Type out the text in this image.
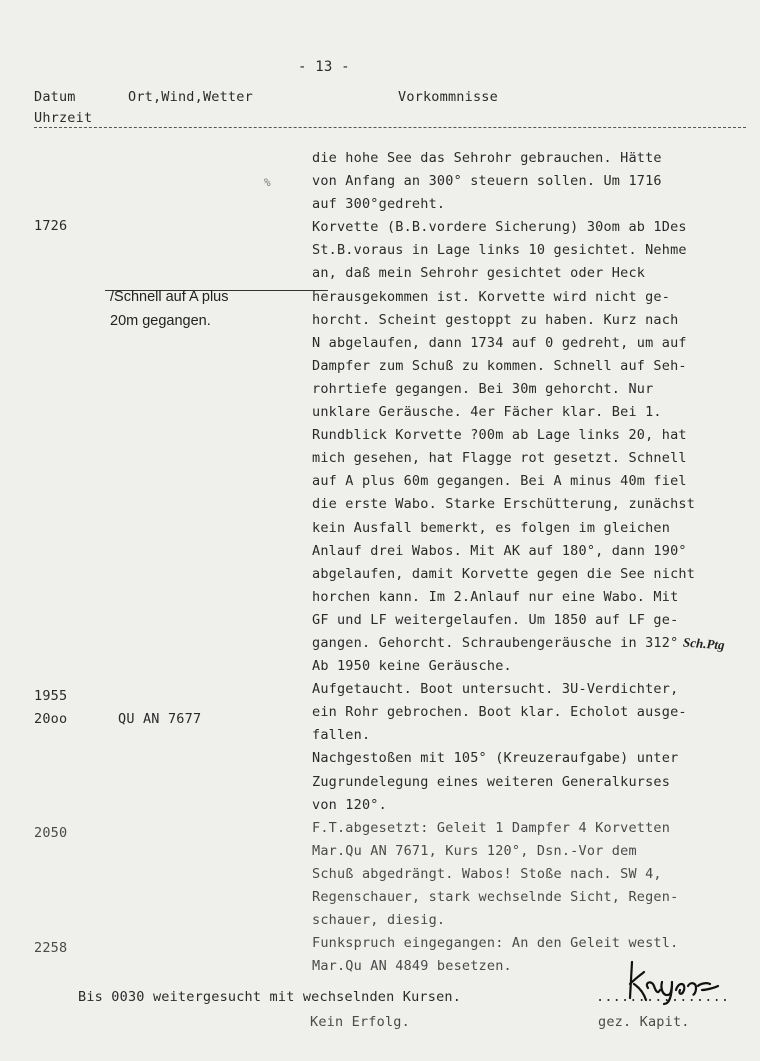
- 13 -
Datum
Uhrzeit
Ort,Wind,Wetter	Vorkommnisse
%
1726
1955
20oo
2050
2258
QU AN 7677
/Schnell auf A plus
20m gegangen.
die hohe See das Sehrohr gebrauchen. Hätte
von Anfang an 300° steuern sollen. Um 1716
auf 300°gedreht.
Korvette (B.B.vordere Sicherung) 30om ab 1Des
St.B.voraus in Lage links 10 gesichtet. Nehme
an, daß mein Sehrohr gesichtet oder Heck
herausgekommen ist. Korvette wird nicht ge-
horcht. Scheint gestoppt zu haben. Kurz nach
N abgelaufen, dann 1734 auf 0 gedreht, um auf
Dampfer zum Schuß zu kommen. Schnell auf Seh-
rohrtiefe gegangen. Bei 30m gehorcht. Nur
unklare Geräusche. 4er Fächer klar. Bei 1.
Rundblick Korvette ?00m ab Lage links 20, hat
mich gesehen, hat Flagge rot gesetzt. Schnell
auf A plus 60m gegangen. Bei A minus 40m fiel
die erste Wabo. Starke Erschütterung, zunächst
kein Ausfall bemerkt, es folgen im gleichen
Anlauf drei Wabos. Mit AK auf 180°, dann 190°
abgelaufen, damit Korvette gegen die See nicht
horchen kann. Im 2.Anlauf nur eine Wabo. Mit
GF und LF weitergelaufen. Um 1850 auf LF ge-
gangen. Gehorcht. Schraubengeräusche in 312°
Ab 1950 keine Geräusche.
Aufgetaucht. Boot untersucht. 3U-Verdichter,
ein Rohr gebrochen. Boot klar. Echolot ausge-
fallen.
Nachgestoßen mit 105° (Kreuzeraufgabe) unter
Zugrundelegung eines weiteren Generalkurses
von 120°.
F.T.abgesetzt: Geleit 1 Dampfer 4 Korvetten
Mar.Qu AN 7671, Kurs 120°, Dsn.-Vor dem
Schuß abgedrängt. Wabos! Stoße nach. SW 4,
Regenschauer, stark wechselnde Sicht, Regen-
schauer, diesig.
Funkspruch eingegangen: An den Geleit westl.
Mar.Qu AN 4849 besetzen.
Sch.Ptg
Bis 0030 weitergesucht mit wechselnden Kursen.
Kein Erfolg.
................
gez. Kapit.
